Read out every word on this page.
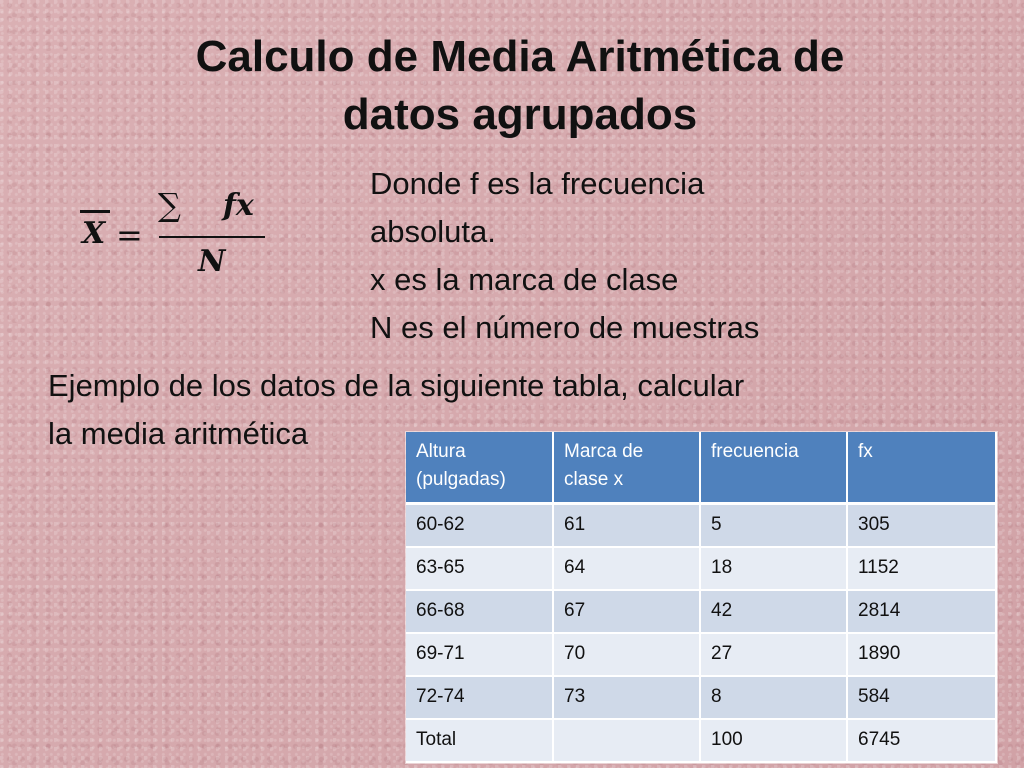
Calculo de Media Aritmética de
datos agrupados
X =
∑ 𝒇𝒙
N
Donde f es la frecuencia
absoluta.
x es la marca de clase
N es el número de muestras
Ejemplo de los datos de la siguiente tabla, calcular
la media aritmética
Altura (pulgadas)	Marca de clase x	frecuencia	fx
60-62	61	5	305
63-65	64	18	1152
66-68	67	42	2814
69-71	70	27	1890
72-74	73	8	584
Total		100	6745
